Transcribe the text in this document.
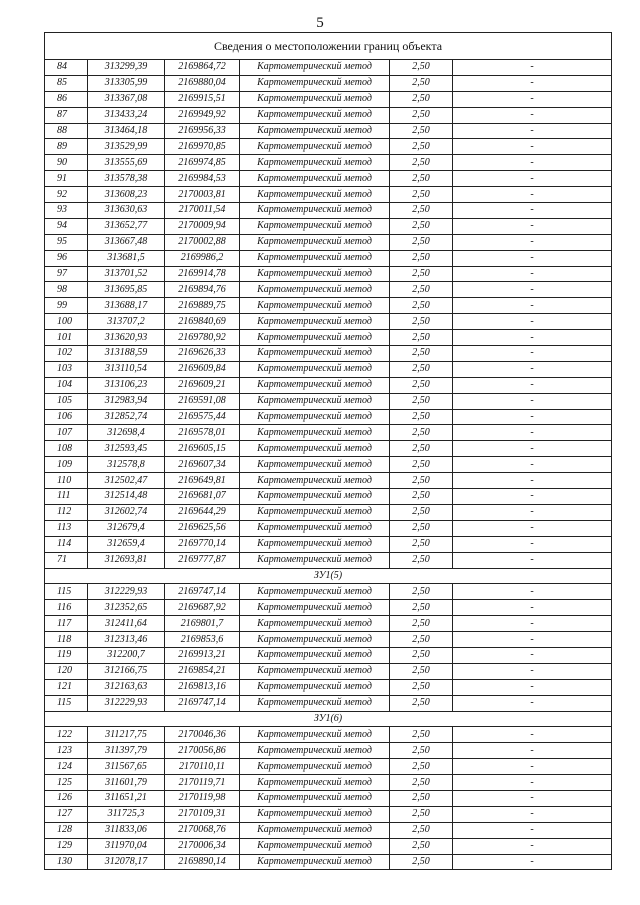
5
Сведения о местоположении границ объекта					
84	313299,39	2169864,72	Картометрический метод	2,50	-
85	313305,99	2169880,04	Картометрический метод	2,50	-
86	313367,08	2169915,51	Картометрический метод	2,50	-
87	313433,24	2169949,92	Картометрический метод	2,50	-
88	313464,18	2169956,33	Картометрический метод	2,50	-
89	313529,99	2169970,85	Картометрический метод	2,50	-
90	313555,69	2169974,85	Картометрический метод	2,50	-
91	313578,38	2169984,53	Картометрический метод	2,50	-
92	313608,23	2170003,81	Картометрический метод	2,50	-
93	313630,63	2170011,54	Картометрический метод	2,50	-
94	313652,77	2170009,94	Картометрический метод	2,50	-
95	313667,48	2170002,88	Картометрический метод	2,50	-
96	313681,5	2169986,2	Картометрический метод	2,50	-
97	313701,52	2169914,78	Картометрический метод	2,50	-
98	313695,85	2169894,76	Картометрический метод	2,50	-
99	313688,17	2169889,75	Картометрический метод	2,50	-
100	313707,2	2169840,69	Картометрический метод	2,50	-
101	313620,93	2169780,92	Картометрический метод	2,50	-
102	313188,59	2169626,33	Картометрический метод	2,50	-
103	313110,54	2169609,84	Картометрический метод	2,50	-
104	313106,23	2169609,21	Картометрический метод	2,50	-
105	312983,94	2169591,08	Картометрический метод	2,50	-
106	312852,74	2169575,44	Картометрический метод	2,50	-
107	312698,4	2169578,01	Картометрический метод	2,50	-
108	312593,45	2169605,15	Картометрический метод	2,50	-
109	312578,8	2169607,34	Картометрический метод	2,50	-
110	312502,47	2169649,81	Картометрический метод	2,50	-
111	312514,48	2169681,07	Картометрический метод	2,50	-
112	312602,74	2169644,29	Картометрический метод	2,50	-
113	312679,4	2169625,56	Картометрический метод	2,50	-
114	312659,4	2169770,14	Картометрический метод	2,50	-
71	312693,81	2169777,87	Картометрический метод	2,50	-
ЗУ1(5)					
115	312229,93	2169747,14	Картометрический метод	2,50	-
116	312352,65	2169687,92	Картометрический метод	2,50	-
117	312411,64	2169801,7	Картометрический метод	2,50	-
118	312313,46	2169853,6	Картометрический метод	2,50	-
119	312200,7	2169913,21	Картометрический метод	2,50	-
120	312166,75	2169854,21	Картометрический метод	2,50	-
121	312163,63	2169813,16	Картометрический метод	2,50	-
115	312229,93	2169747,14	Картометрический метод	2,50	-
ЗУ1(6)					
122	311217,75	2170046,36	Картометрический метод	2,50	-
123	311397,79	2170056,86	Картометрический метод	2,50	-
124	311567,65	2170110,11	Картометрический метод	2,50	-
125	311601,79	2170119,71	Картометрический метод	2,50	-
126	311651,21	2170119,98	Картометрический метод	2,50	-
127	311725,3	2170109,31	Картометрический метод	2,50	-
128	311833,06	2170068,76	Картометрический метод	2,50	-
129	311970,04	2170006,34	Картометрический метод	2,50	-
130	312078,17	2169890,14	Картометрический метод	2,50	-
